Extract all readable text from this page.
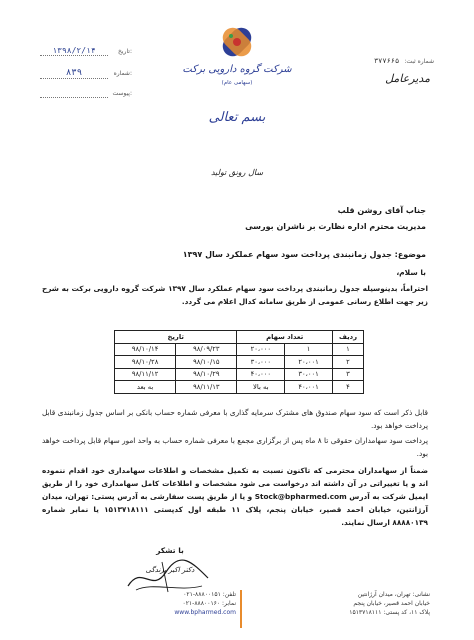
۱۳۹۸/۲/۱۴	تاریخ:
۸۳۹	شماره:
پیوست:
شماره ثبت: ۳۷۷۶۶۵
مدیرعامل
شرکت گروه دارویی برکت
(سهامی عام)
بسم تعالی
سال رونق تولید
جناب آقای روشن قلب
مدیریت محترم اداره نظارت بر ناشران بورسی
موضوع: جدول زمانبندی پرداخت سود سهام عملکرد سال ۱۳۹۷
با سلام،
احتراماً، بدینوسیله جدول زمانبندی پرداخت سود سهام عملکرد سال ۱۳۹۷ شرکت گروه دارویی برکت به شرح زیر جهت اطلاع رسانی عمومی از طریق سامانه کدال اعلام می گردد.
ردیف	تعداد سهام		تاریخ	
۱	۱	۲۰،۰۰۰	۹۸/۰۹/۲۳	۹۸/۱۰/۱۴
۲	۲۰،۰۰۱	۳۰،۰۰۰	۹۸/۱۰/۱۵	۹۸/۱۰/۲۸
۳	۳۰،۰۰۱	۴۰،۰۰۰	۹۸/۱۰/۲۹	۹۸/۱۱/۱۲
۴	۴۰،۰۰۱	به بالا	۹۸/۱۱/۱۳	به بعد
قابل ذکر است که سود سهام صندوق های مشترک سرمایه گذاری با معرفی شماره حساب بانکی بر اساس جدول زمانبندی قابل پرداخت خواهد بود.
پرداخت سود سهامداران حقوقی تا ۸ ماه پس از برگزاری مجمع با معرفی شماره حساب به واحد امور سهام قابل پرداخت خواهد بود.
ضمناً از سهامداران محترمی که تاکنون نسبت به تکمیل مشخصات و اطلاعات سهامداری خود اقدام ننموده اند و یا تغییراتی در آن داشته اند درخواست می شود مشخصات و اطلاعات کامل سهامداری خود را از طریق ایمیل شرکت به آدرس Stock@bpharmed.com و یا از طریق پست سفارشی به آدرس پستی: تهران، میدان آرژانتین، خیابان احمد قصیر، خیابان پنجم، پلاک ۱۱ طبقه اول کدپستی ۱۵۱۳۷۱۸۱۱۱ یا نمابر شماره ۸۸۸۸۰۱۳۹ ارسال نمایند.
با تشکر
دکتر اکبر برندگی
نشانی: تهران، میدان آرژانتین
خیابان احمد قصیر، خیابان پنجم
پلاک ۱۱، کد پستی: ۱۵۱۳۷۱۸۱۱۱
تلفن: ۸۸۸۰۰۱۵۱-۰۲۱
نمابر: ۸۸۸۰۰۱۶۰-۰۲۱
www.bpharmed.com
